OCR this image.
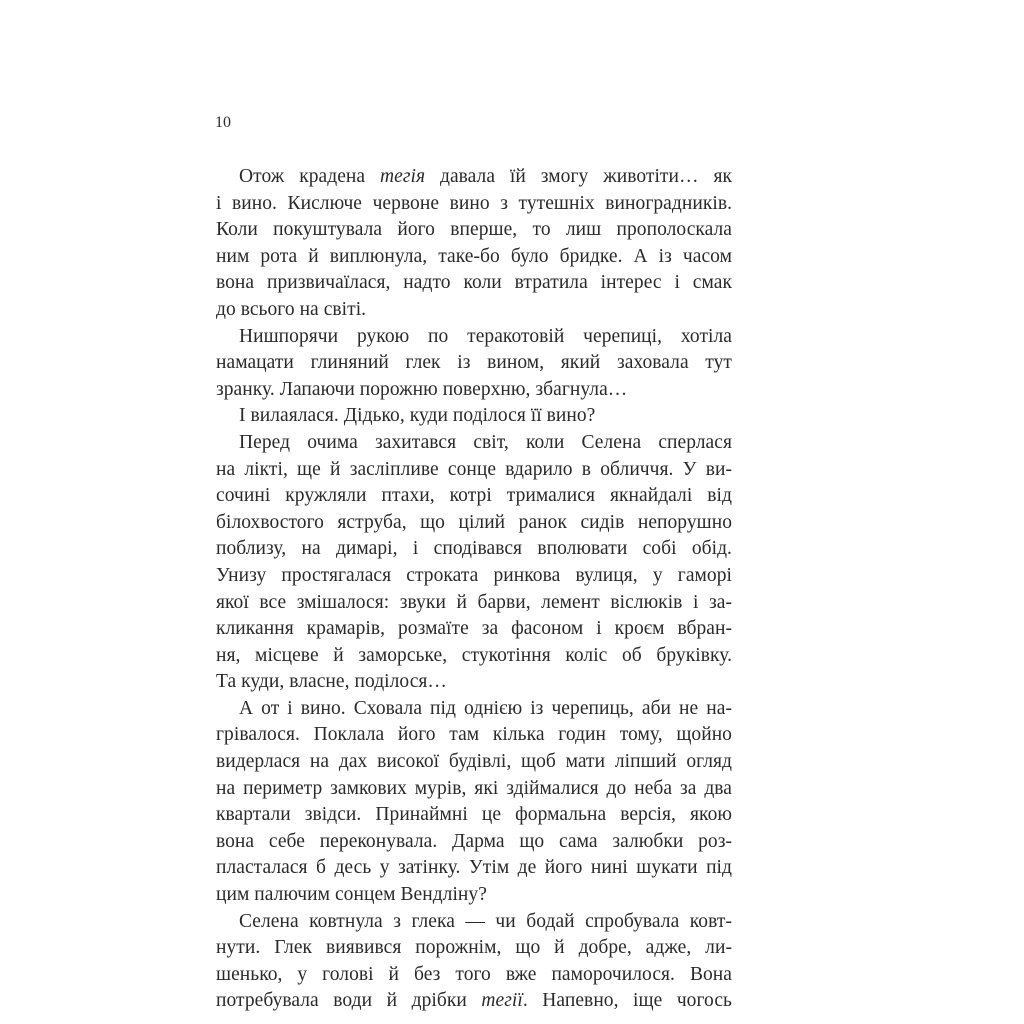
10
Отож крадена тегія давала їй змогу животіти… як
і вино. Кислюче червоне вино з тутешніх виноградників.
Коли покуштувала його вперше, то лиш прополоскала
ним рота й виплюнула, таке-бо було бридке. А із часом
вона призвичаїлася, надто коли втратила інтерес і смак
до всього на світі.
Нишпорячи рукою по теракотовій черепиці, хотіла
намацати глиняний глек із вином, який заховала тут
зранку. Лапаючи порожню поверхню, збагнула…
І вилаялася. Дідько, куди поділося її вино?
Перед очима захитався світ, коли Селена сперлася
на лікті, ще й засліпливе сонце вдарило в обличчя. У ви-
сочині кружляли птахи, котрі трималися якнайдалі від
білохвостого яструба, що цілий ранок сидів непорушно
поблизу, на димарі, і сподівався вполювати собі обід.
Унизу простягалася строката ринкова вулиця, у гаморі
якої все змішалося: звуки й барви, лемент віслюків і за-
кликання крамарів, розмаїте за фасоном і кроєм вбран-
ня, місцеве й заморське, стукотіння коліс об бруківку.
Та куди, власне, поділося…
А от і вино. Сховала під однією із черепиць, аби не на-
грівалося. Поклала його там кілька годин тому, щойно
видерлася на дах високої будівлі, щоб мати ліпший огляд
на периметр замкових мурів, які здіймалися до неба за два
квартали звідси. Принаймні це формальна версія, якою
вона себе переконувала. Дарма що сама залюбки роз-
пласталася б десь у затінку. Утім де його нині шукати під
цим палючим сонцем Вендліну?
Селена ковтнула з глека — чи бодай спробувала ковт-
нути. Глек виявився порожнім, що й добре, адже, ли-
шенько, у голові й без того вже паморочилося. Вона
потребувала води й дрібки тегії. Напевно, іще чогось
